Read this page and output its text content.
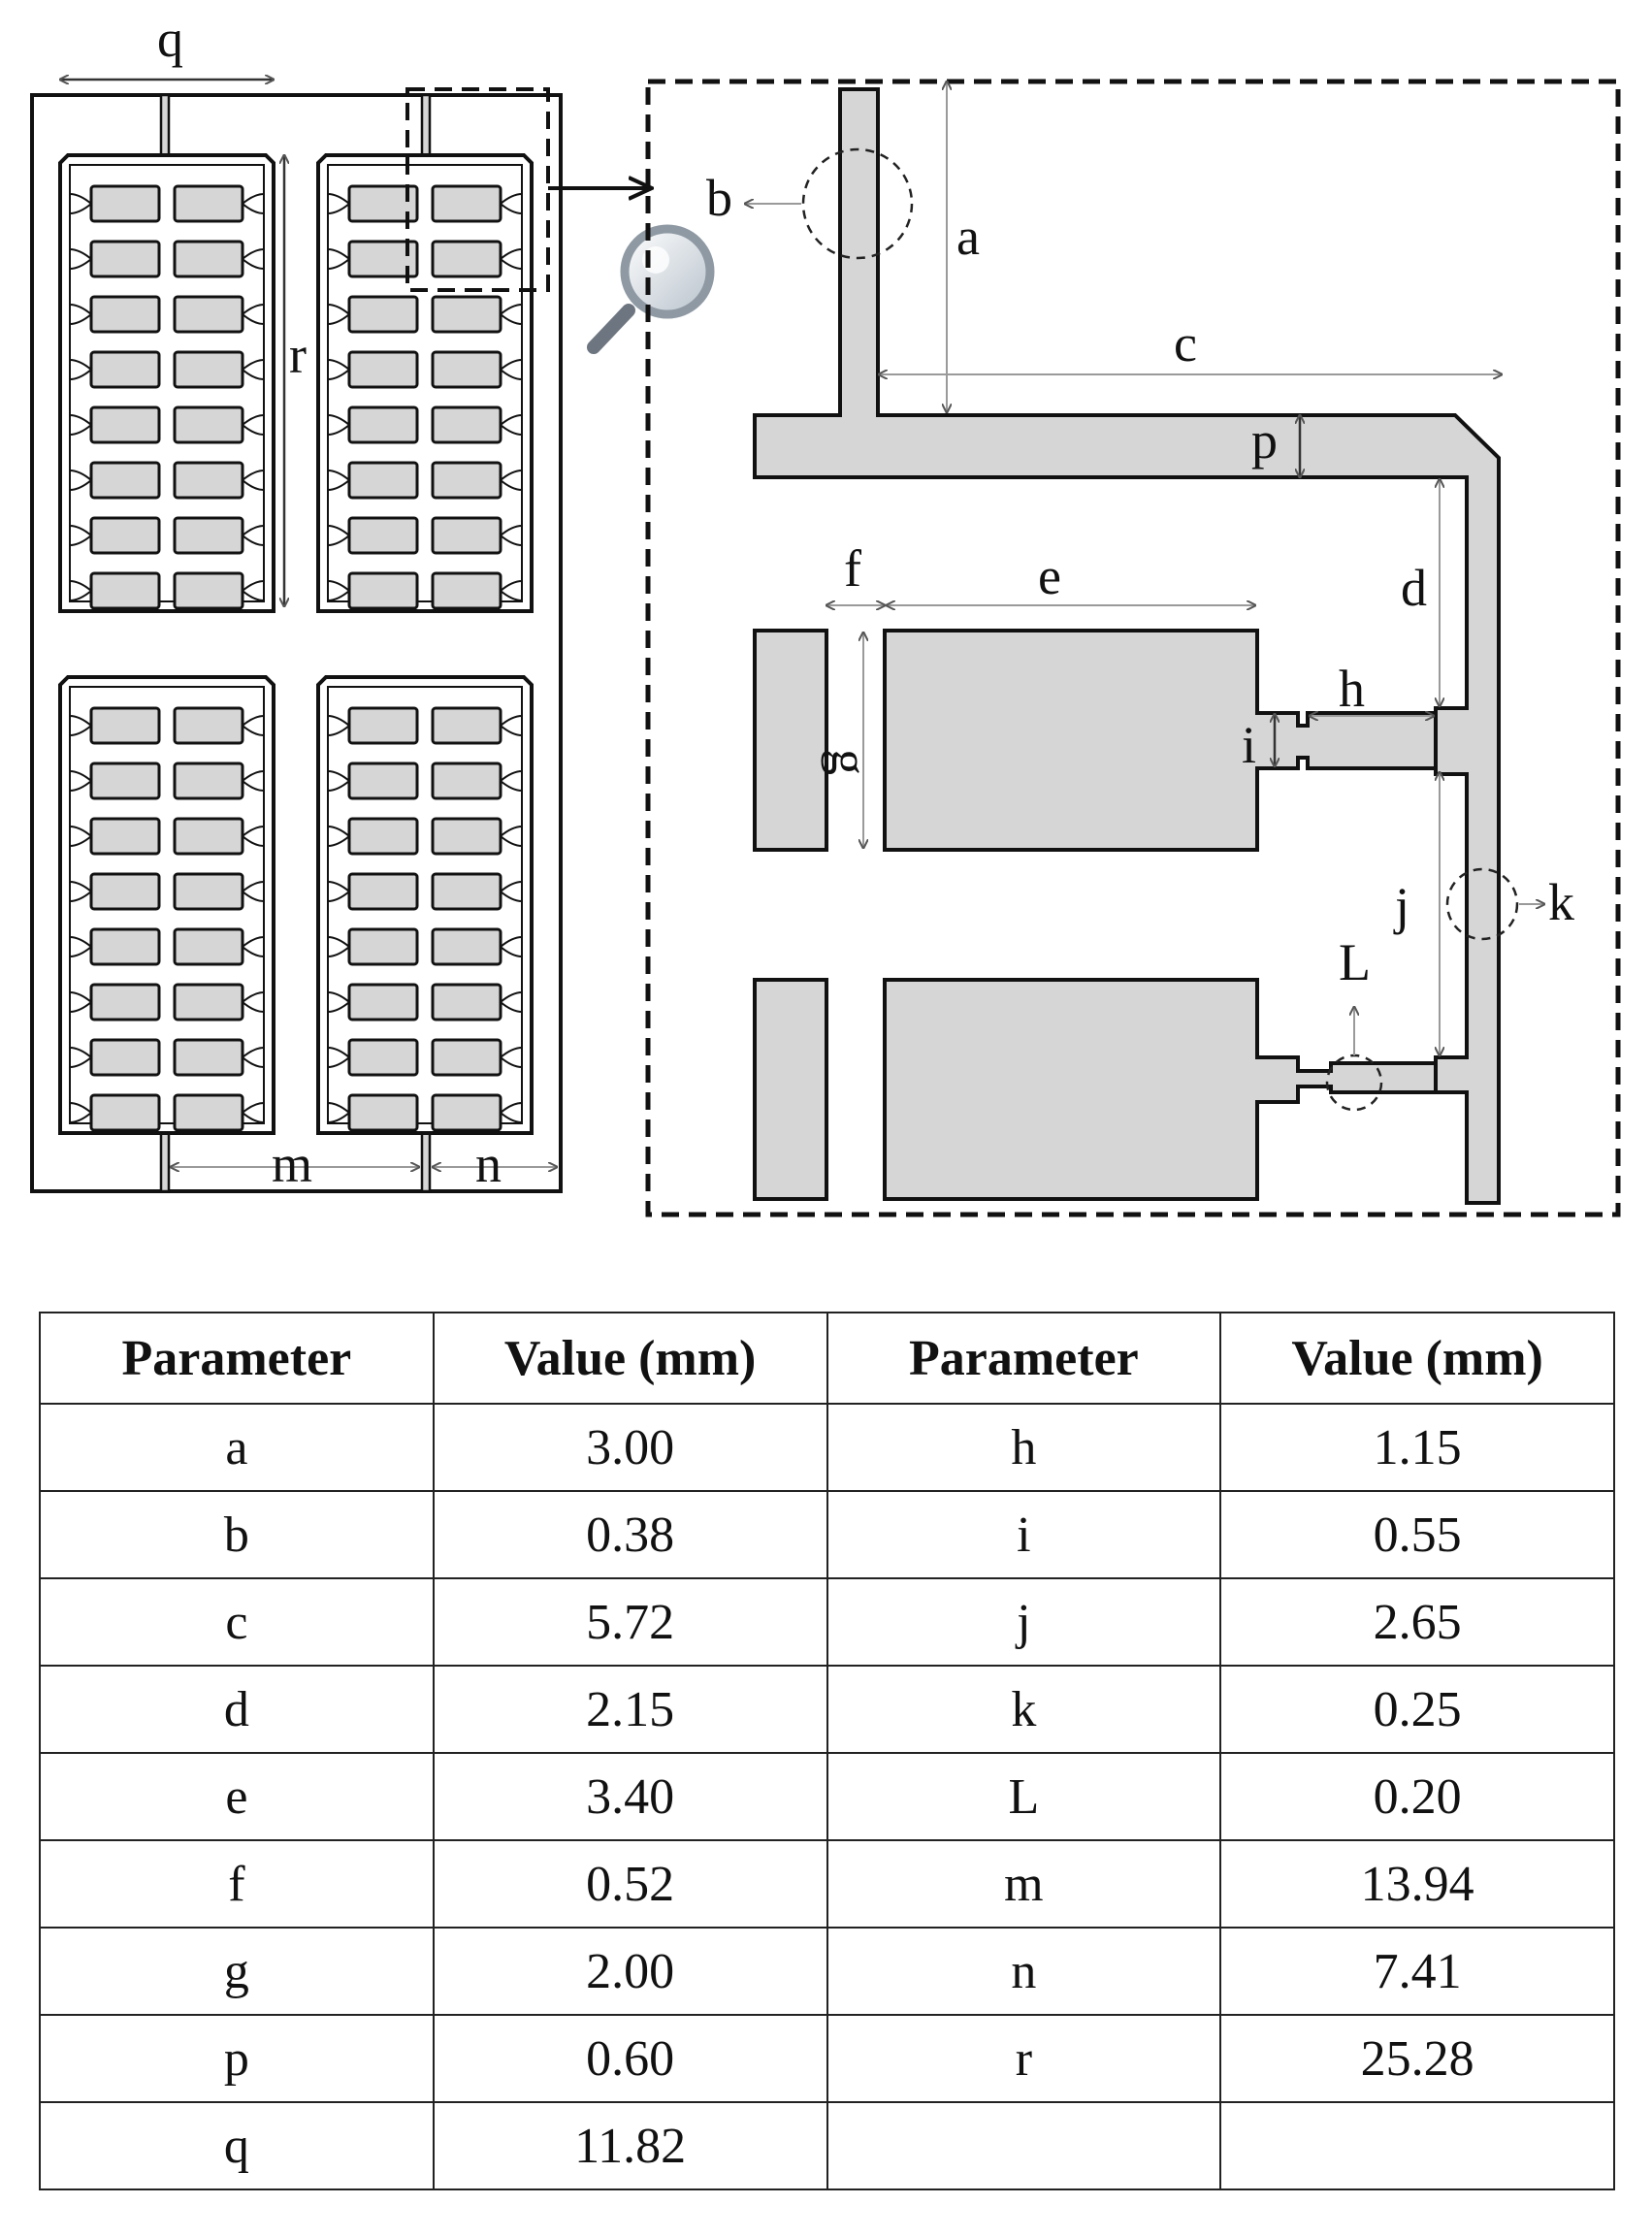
q
r
m	n
a
b
c
p
d
f	e
g
h
i
j	k
L
Parameter	Value (mm)	Parameter	Value (mm)
a	3.00	h	1.15
b	0.38	i	0.55
c	5.72	j	2.65
d	2.15	k	0.25
e	3.40	L	0.20
f	0.52	m	13.94
g	2.00	n	7.41
p	0.60	r	25.28
q	11.82		
